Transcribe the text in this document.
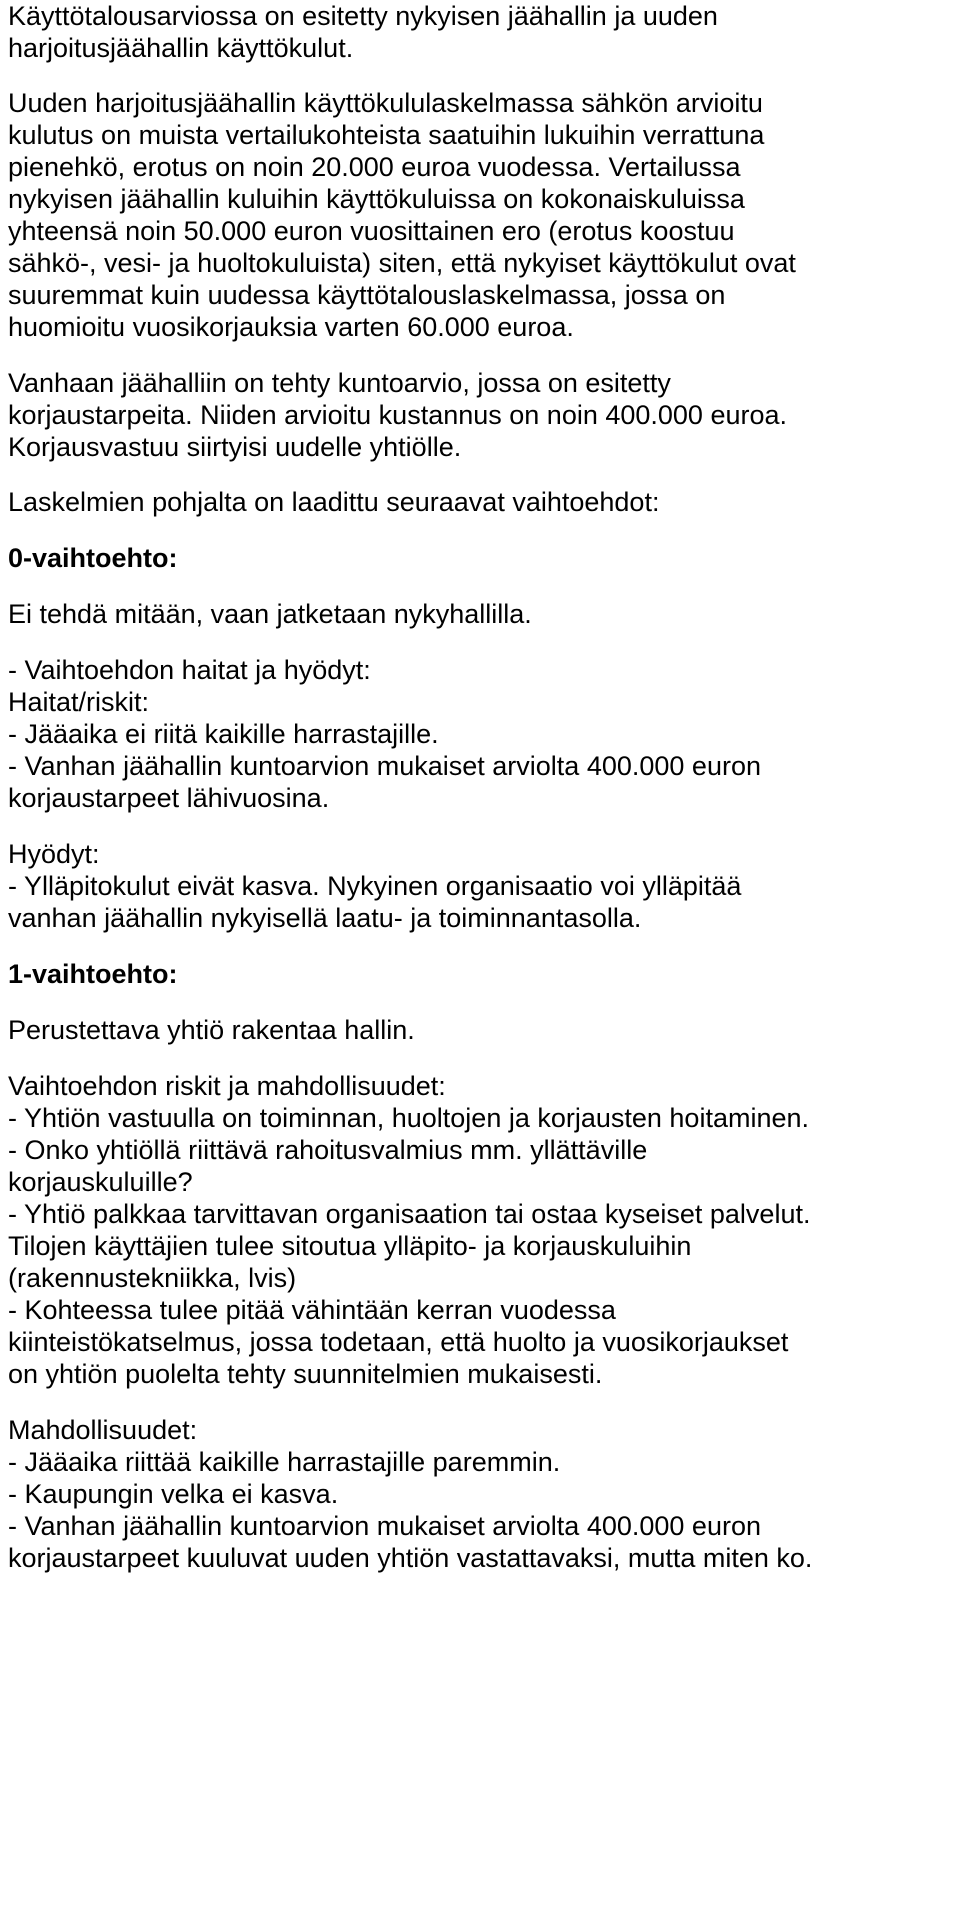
Käyttötalousarviossa on esitetty nykyisen jäähallin ja uuden
harjoitusjäähallin käyttökulut.
Uuden harjoitusjäähallin käyttökululaskelmassa sähkön arvioitu
kulutus on muista vertailukohteista saatuihin lukuihin verrattuna
pienehkö, erotus on noin 20.000 euroa vuodessa. Vertailussa
nykyisen jäähallin kuluihin käyttökuluissa on kokonaiskuluissa
yhteensä noin 50.000 euron vuosittainen ero (erotus koostuu
sähkö-, vesi- ja huoltokuluista) siten, että nykyiset käyttökulut ovat
suuremmat kuin uudessa käyttötalouslaskelmassa, jossa on
huomioitu vuosikorjauksia varten 60.000 euroa.
Vanhaan jäähalliin on tehty kuntoarvio, jossa on esitetty
korjaustarpeita. Niiden arvioitu kustannus on noin 400.000 euroa.
Korjausvastuu siirtyisi uudelle yhtiölle.
Laskelmien pohjalta on laadittu seuraavat vaihtoehdot:
0-vaihtoehto:
Ei tehdä mitään, vaan jatketaan nykyhallilla.
- Vaihtoehdon haitat ja hyödyt:
Haitat/riskit:
- Jääaika ei riitä kaikille harrastajille.
- Vanhan jäähallin kuntoarvion mukaiset arviolta 400.000 euron
korjaustarpeet lähivuosina.
Hyödyt:
- Ylläpitokulut eivät kasva. Nykyinen organisaatio voi ylläpitää
vanhan jäähallin nykyisellä laatu- ja toiminnantasolla.
1-vaihtoehto:
Perustettava yhtiö rakentaa hallin.
Vaihtoehdon riskit ja mahdollisuudet:
- Yhtiön vastuulla on toiminnan, huoltojen ja korjausten hoitaminen.
- Onko yhtiöllä riittävä rahoitusvalmius mm. yllättäville
korjauskuluille?
- Yhtiö palkkaa tarvittavan organisaation tai ostaa kyseiset palvelut.
Tilojen käyttäjien tulee sitoutua ylläpito- ja korjauskuluihin
(rakennustekniikka, lvis)
- Kohteessa tulee pitää vähintään kerran vuodessa
kiinteistökatselmus, jossa todetaan, että huolto ja vuosikorjaukset
on yhtiön puolelta tehty suunnitelmien mukaisesti.
Mahdollisuudet:
- Jääaika riittää kaikille harrastajille paremmin.
- Kaupungin velka ei kasva.
- Vanhan jäähallin kuntoarvion mukaiset arviolta 400.000 euron
korjaustarpeet kuuluvat uuden yhtiön vastattavaksi, mutta miten ko.
